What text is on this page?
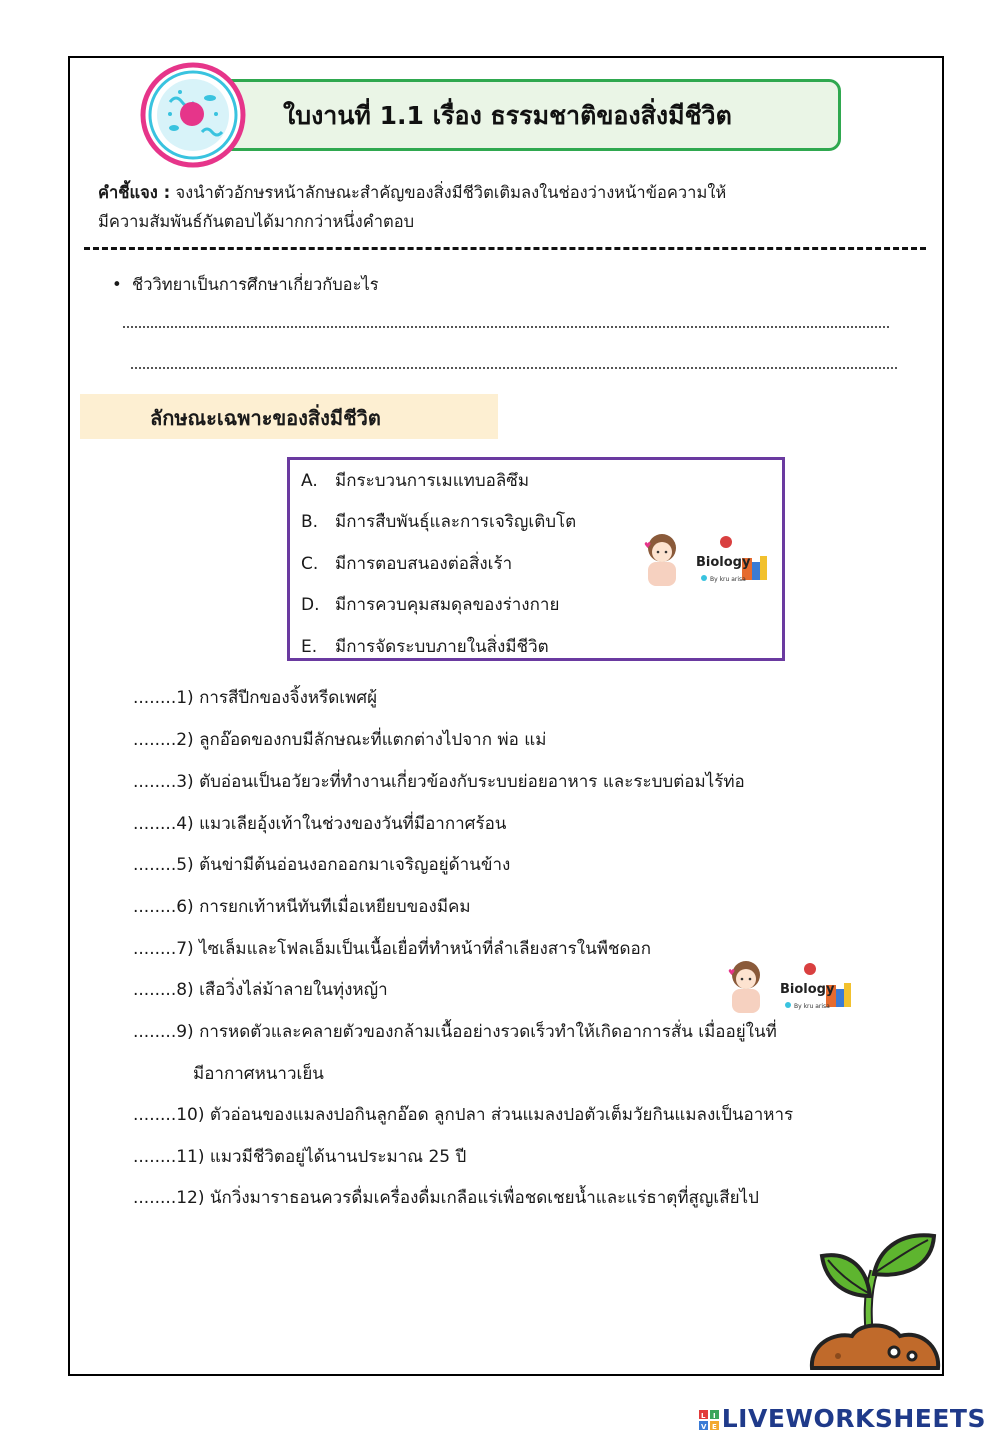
ใบงานที่ 1.1 เรื่อง ธรรมชาติของสิ่งมีชีวิต
คำชี้แจง : จงนำตัวอักษรหน้าลักษณะสำคัญของสิ่งมีชีวิตเติมลงในช่องว่างหน้าข้อความให้
มีความสัมพันธ์กันตอบได้มากกว่าหนึ่งคำตอบ
• ชีววิทยาเป็นการศึกษาเกี่ยวกับอะไร
ลักษณะเฉพาะของสิ่งมีชีวิต
A. มีกระบวนการเมแทบอลิซึม
B. มีการสืบพันธุ์และการเจริญเติบโต
C. มีการตอบสนองต่อสิ่งเร้า
D. มีการควบคุมสมดุลของร่างกาย
E. มีการจัดระบบภายในสิ่งมีชีวิต
♥
Biology
By kru arisa
........1) การสีปีกของจิ้งหรีดเพศผู้
........2) ลูกอ๊อดของกบมีลักษณะที่แตกต่างไปจาก พ่อ แม่
........3) ตับอ่อนเป็นอวัยวะที่ทำงานเกี่ยวข้องกับระบบย่อยอาหาร และระบบต่อมไร้ท่อ
........4) แมวเลียอุ้งเท้าในช่วงของวันที่มีอากาศร้อน
........5) ต้นข่ามีต้นอ่อนงอกออกมาเจริญอยู่ด้านข้าง
........6) การยกเท้าหนีทันทีเมื่อเหยียบของมีคม
........7) ไซเล็มและโฟลเอ็มเป็นเนื้อเยื่อที่ทำหน้าที่ลำเลียงสารในพืชดอก
........8) เสือวิ่งไล่ม้าลายในทุ่งหญ้า
........9) การหดตัวและคลายตัวของกล้ามเนื้ออย่างรวดเร็วทำให้เกิดอาการสั่น เมื่ออยู่ในที่
มีอากาศหนาวเย็น
........10) ตัวอ่อนของแมลงปอกินลูกอ๊อด ลูกปลา ส่วนแมลงปอตัวเต็มวัยกินแมลงเป็นอาหาร
........11) แมวมีชีวิตอยู่ได้นานประมาณ 25 ปี
........12) นักวิ่งมาราธอนควรดื่มเครื่องดื่มเกลือแร่เพื่อชดเชยน้ำและแร่ธาตุที่สูญเสียไป
♥
Biology
By kru arisa
L I
V E LIVEWORKSHEETS
